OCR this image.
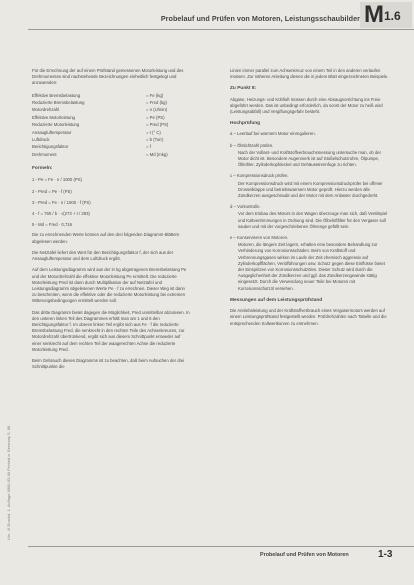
Probelauf und Prüfen von Motoren, Leistungsschaubilder M 1.6
Lfm. 4f Druckd. 1. Auflage 0000-03-00 Printed in Germany S. 86

Für die Errechnung der auf einem Prüfstand gemessenen Motorleistung und des Drehmomentes sind nachstehende Bezeichnungen einheitlich festgelegt und anzuwenden:

Effektive Bremsbelastung	= Fe (kg)
Reduzierte Bremsbelastung	= Fred (kg)
Motordrehzahl	= n (U/min)
Effektive Motorleistung	= Pe (PS)
Reduzierte Motorleistung	= Pred (PS)
Ansaugluftemperatur	= t (° C)
Luftdruck	= b (Torr)
Berichtigungsfaktor	= f
Drehmoment	= Md (mkg)
Formeln:
1 - Pe = Fe · n / 1000 (PS)
2 - Pred = Pe · f (PS)
3 - Pred = Fe · n / 1000 · f (PS)
4 - f = 760 / b · √(273 + t / 293)
5 - Md = Fred · 0,716

Die zu errechnenden Werte können auf den drei folgenden Diagramm-Blättern abgelesen werden.

Die Netztafel liefert den Wert für den Berichtigungsfaktor f, der sich aus der Ansaugluftemperatur und dem Luftdruck ergibt.

Auf dem Leistungsdiagramm wird aus der in kg abgetragenen Bremsbelastung Pe und der Motordrehzahl die effektive Motorleistung Pe ermittelt. Die reduzierte Motorleistung Pred ist dann durch Multiplikation der auf Netztafel und Leistungsdiagramm abgelesenen Werte Pe · f zu errechnen. Dieser Weg ist dann zu beschreiten, wenn die effektive oder die reduzierte Motorleistung bei extremen Witterungsbedingungen ermittelt werden soll.

Das dritte Diagramm bietet dagegen die Möglichkeit, Pred unmittelbar abzulesen. In den unteren linken Teil des Diagrammes erhält man am 1 und 6 den Berichtigungsfaktor f. Im oberen linken Teil ergibt sich aus Fe · f die reduzierte Bremsbelastung Fred, die senkrecht in den rechten Teile des Achsenkreuzes, zur Motordrehzahl übertrünkend, ergibt sich aus diesem Schnittpunkt entweder auf einer senkrecht auf dem rechten Teil der waagerechten Achse die reduzierte Motorleistung Pred.

Beim Gebrauch dieses Diagramms ist zu beachten, daß beim Aufsuchen der drei Schnittpunkte die

Linien immer parallel zum Achsenkreuz von einem Teil in den anderen verlaufen müssen. Zur näheren Anleitung dienen die in jedem Blatt eingezeichneten Beispiele.

Zu Punkt 8:

Abgase, Heizungs- und Kühlluft müssen durch eine Absaugvorrichtung ins Freie abgeführt werden. Das ist unbedingt erforderlich, da sonst der Motor zu heiß wird (Leistungsabfall) und Vergiftungsgefahr besteht.

Hochprüfung
a – Leerlauf bei warmem Motor einregulieren.
b – Ölstichtzahl prüfen.
Nach der Vollast- und Kraftstoffverbrauchsmessung untersuche man, ob der Motor dicht ist. Besondere Augenmerk ist auf Stoßelschutzrohre, Ölpumpe, Ölkühler, Zylinderkopfdeckel und Gehäusetrennfuge zu richten.
c – Kompressionsdruck prüfen.
Der Kompressionsdruck wird mit einem Kompressionsdruckprüfer bei offener Drosselklappe und betriebswarmem Motor geprüft. Hierzu werden alle Zündkerzen ausgeschraubt und der Motor mit dem Anlasser durchgedreht.
d – Vorkontrolle.
Vor dem Einbau des Motors in den Wagen überzeuge man sich, daß Ventilspiel und Kaltvertrimmungen in Ordnung sind. Die Ölbelüftfilter für den Vergaser soll sauber und mit der vorgeschriebenen Ölmenge gefüllt sein.
e – Konservieren von Motoren.
Motoren, die längere Zeit lagern, erhalten eine besondere Behandlung zur Verhinderung von Korrosionsschäden. Beim von Kraftstoff und Verbrennungsgasen wirken im Laufe der Zeit chemisch aggressiv auf Zylinderkopfflächen, Ventilführungen usw. Schutz gegen diese Einflüsse bietet der Einspritzen von Korrosionsschutzölen. Dieser Schutz wird durch die Ausgeglichenheit der Zündkerzen und ggf. das Zündkerzengewinde stätig eingesetzt. Durch die Verwendung neuer Teile bei Motoren mit Korrosionsschutzöl versehen.
Messungen auf dem Leistungsprüfstand

Die Antriebsleistung und der Kraftstoffverbrauch eines Vergasermotors werden auf einem Leistungsprüfstand festgestellt werden. Prüfdrehzahlen nach Tabelle und die entsprechenden Sollwertkurven zu entnehmen.

Probelauf und Prüfen von Motoren	1-3
